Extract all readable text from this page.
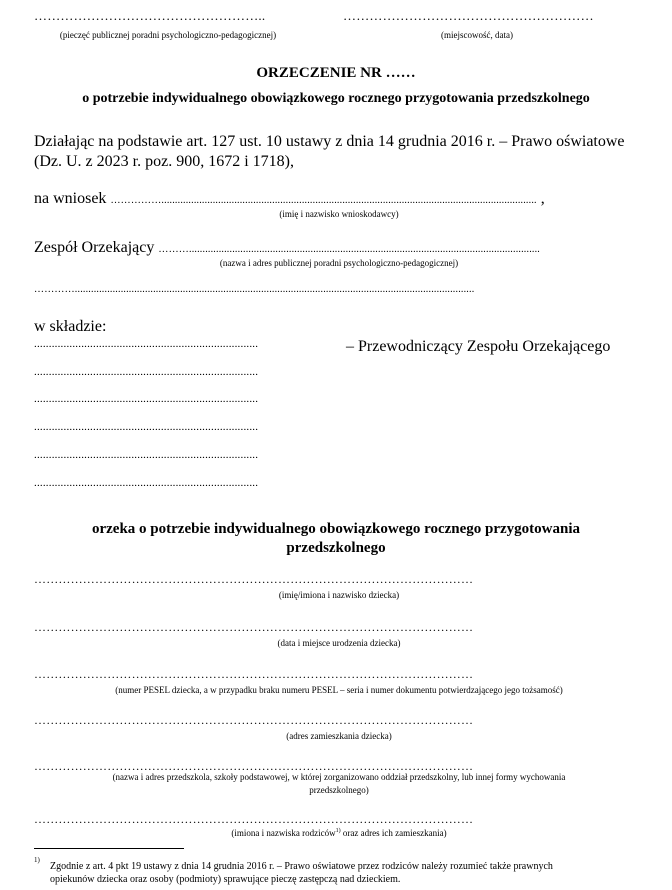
……………………………………………..
(pieczęć publicznej poradni psychologiczno-pedagogicznej)
…………………………………………………
(miejscowość, data)
ORZECZENIE NR ……
o potrzebie indywidualnego obowiązkowego rocznego przygotowania przedszkolnego
Działając na podstawie art. 127 ust. 10 ustawy z dnia 14 grudnia 2016 r. – Prawo oświatowe
(Dz. U. z 2023 r. poz. 900, 1672 i 1718),
na wniosek ……………........................................................................................................................................... ,
(imię i nazwisko wnioskodawcy)
Zespół Orzekający ………..................................................................................................................................
(nazwa i adres publicznej poradni psychologiczno-pedagogicznej)
…………....................................................................................................................................................
w składzie:
............................................................................	– Przewodniczący Zespołu Orzekającego
............................................................................
............................................................................
............................................................................
............................................................................
............................................................................
orzeka o potrzebie indywidualnego obowiązkowego rocznego przygotowania
przedszkolnego
………………………………………………………………………………………………
(imię/imiona i nazwisko dziecka)
………………………………………………………………………………………………
(data i miejsce urodzenia dziecka)
………………………………………………………………………………………………
(numer PESEL dziecka, a w przypadku braku numeru PESEL – seria i numer dokumentu potwierdzającego jego tożsamość)
………………………………………………………………………………………………
(adres zamieszkania dziecka)
………………………………………………………………………………………………
(nazwa i adres przedszkola, szkoły podstawowej, w której zorganizowano oddział przedszkolny, lub innej formy wychowania
przedszkolnego)
………………………………………………………………………………………………
(imiona i nazwiska rodziców$^{1)}$ oraz adres ich zamieszkania)
1)
Zgodnie z art. 4 pkt 19 ustawy z dnia 14 grudnia 2016 r. – Prawo oświatowe przez rodziców należy rozumieć także prawnych
opiekunów dziecka oraz osoby (podmioty) sprawujące pieczę zastępczą nad dzieckiem.
